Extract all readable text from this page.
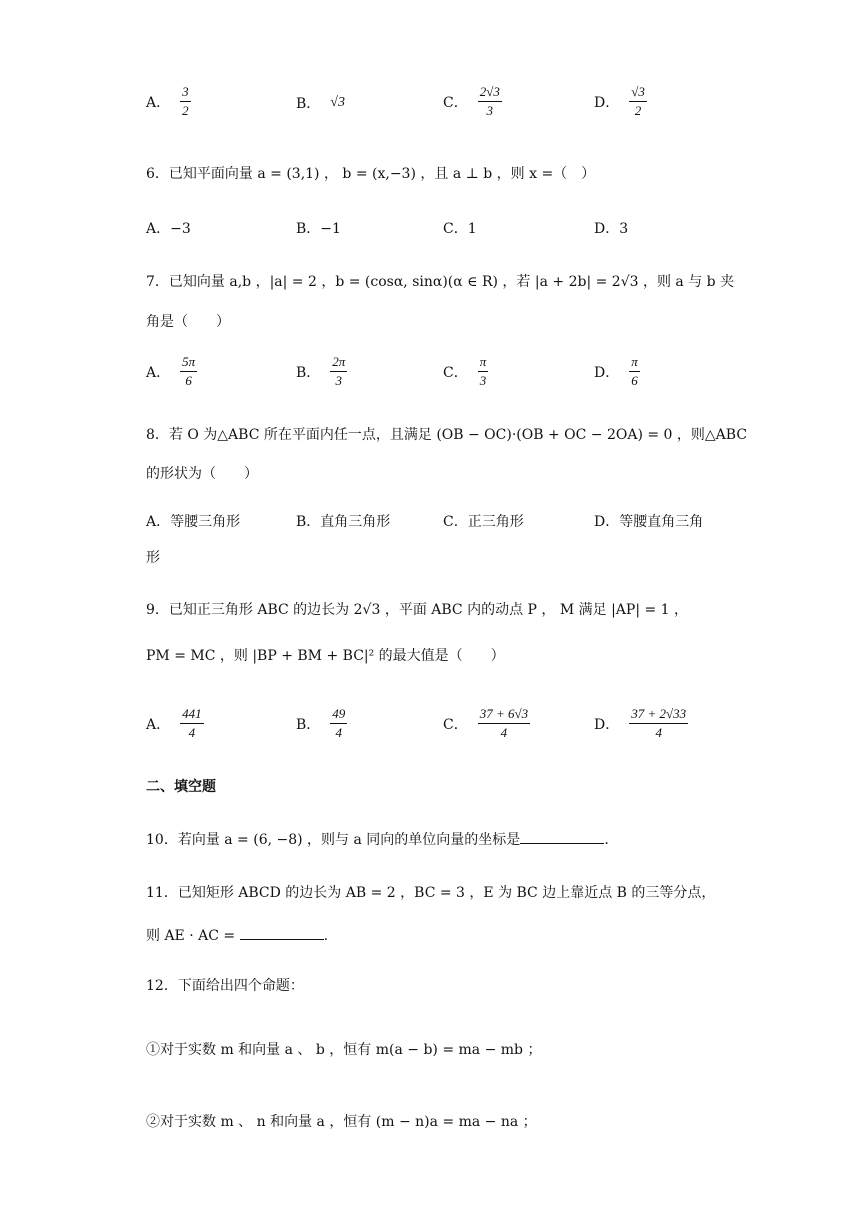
A． $\frac{3}{2}$	B． √3	C． $\frac{2√3}{3}$	D． $\frac{√3}{2}$
6．已知平面向量 a = (3,1) ， b = (x,−3) ，且 a ⊥ b ，则 x =（　）
A．−3	B．−1	C．1	D．3
7．已知向量 a,b ，|a| = 2 ，b = (cosα, sinα)(α ∈ R) ，若 |a + 2b| = 2√3 ，则 a 与 b 夹
角是（　　）
A． $\frac{5\pi}{6}$	B． $\frac{2\pi}{3}$	C． $\frac{\pi}{3}$	D． $\frac{\pi}{6}$
8．若 O 为△ABC 所在平面内任一点，且满足 (OB − OC)·(OB + OC − 2OA) = 0 ，则△ABC
的形状为（　　）
A．等腰三角形	B．直角三角形	C．正三角形	D．等腰直角三角
形
9．已知正三角形 ABC 的边长为 2√3 ，平面 ABC 内的动点 P ， M 满足 |AP| = 1 ，
PM = MC ，则 |BP + BM + BC|² 的最大值是（　　）
A． $\frac{441}{4}$	B． $\frac{49}{4}$	C． $\frac{37 + 6√3}{4}$	D． $\frac{37 + 2√33}{4}$
二、填空题
10．若向量 a = (6, −8) ，则与 a 同向的单位向量的坐标是	.
11．已知矩形 ABCD 的边长为 AB = 2 ，BC = 3 ，E 为 BC 边上靠近点 B 的三等分点，
则 AE · AC =	.
12．下面给出四个命题：
①对于实数 m 和向量 a 、 b ，恒有 m(a − b) = ma − mb ；
②对于实数 m 、 n 和向量 a ，恒有 (m − n)a = ma − na ；
